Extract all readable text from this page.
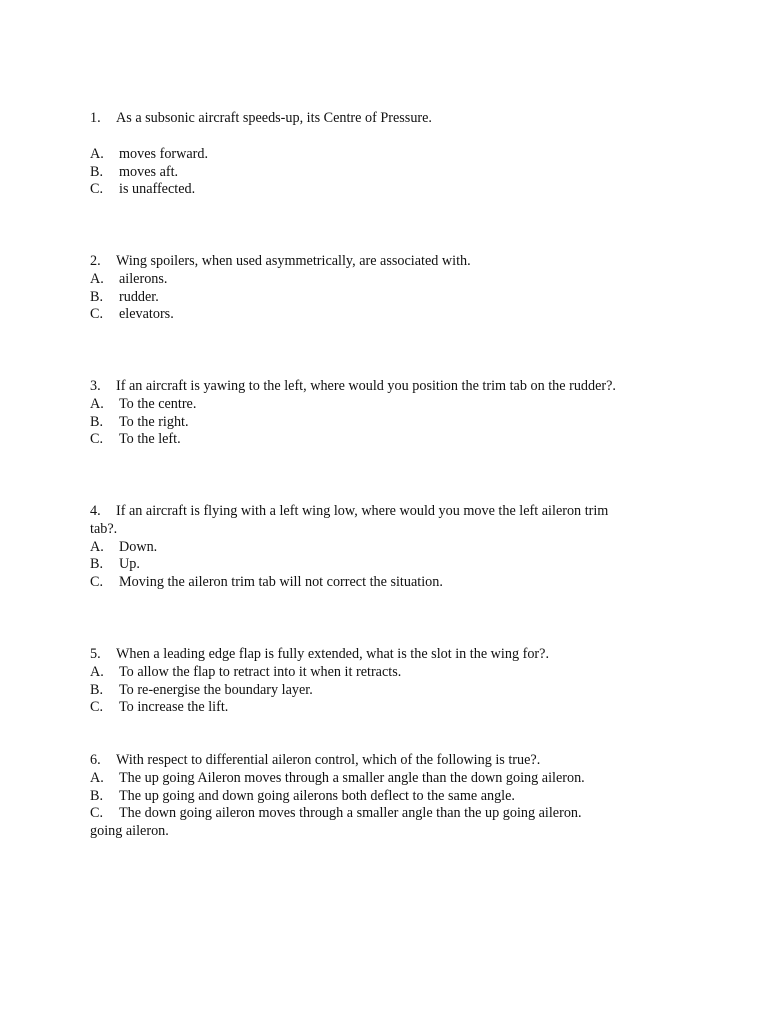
1. As a subsonic aircraft speeds-up, its Centre of Pressure.
A. moves forward.
B. moves aft.
C. is unaffected.
2. Wing spoilers, when used asymmetrically, are associated with.
A. ailerons.
B. rudder.
C. elevators.
3. If an aircraft is yawing to the left, where would you position the trim tab on the rudder?.
A. To the centre.
B. To the right.
C. To the left.
4. If an aircraft is flying with a left wing low, where would you move the left aileron trim
tab?.
A. Down.
B. Up.
C. Moving the aileron trim tab will not correct the situation.
5. When a leading edge flap is fully extended, what is the slot in the wing for?.
A. To allow the flap to retract into it when it retracts.
B. To re-energise the boundary layer.
C. To increase the lift.
6. With respect to differential aileron control, which of the following is true?.
A. The up going Aileron moves through a smaller angle than the down going aileron.
B. The up going and down going ailerons both deflect to the same angle.
C. The down going aileron moves through a smaller angle than the up going aileron.
going aileron.
